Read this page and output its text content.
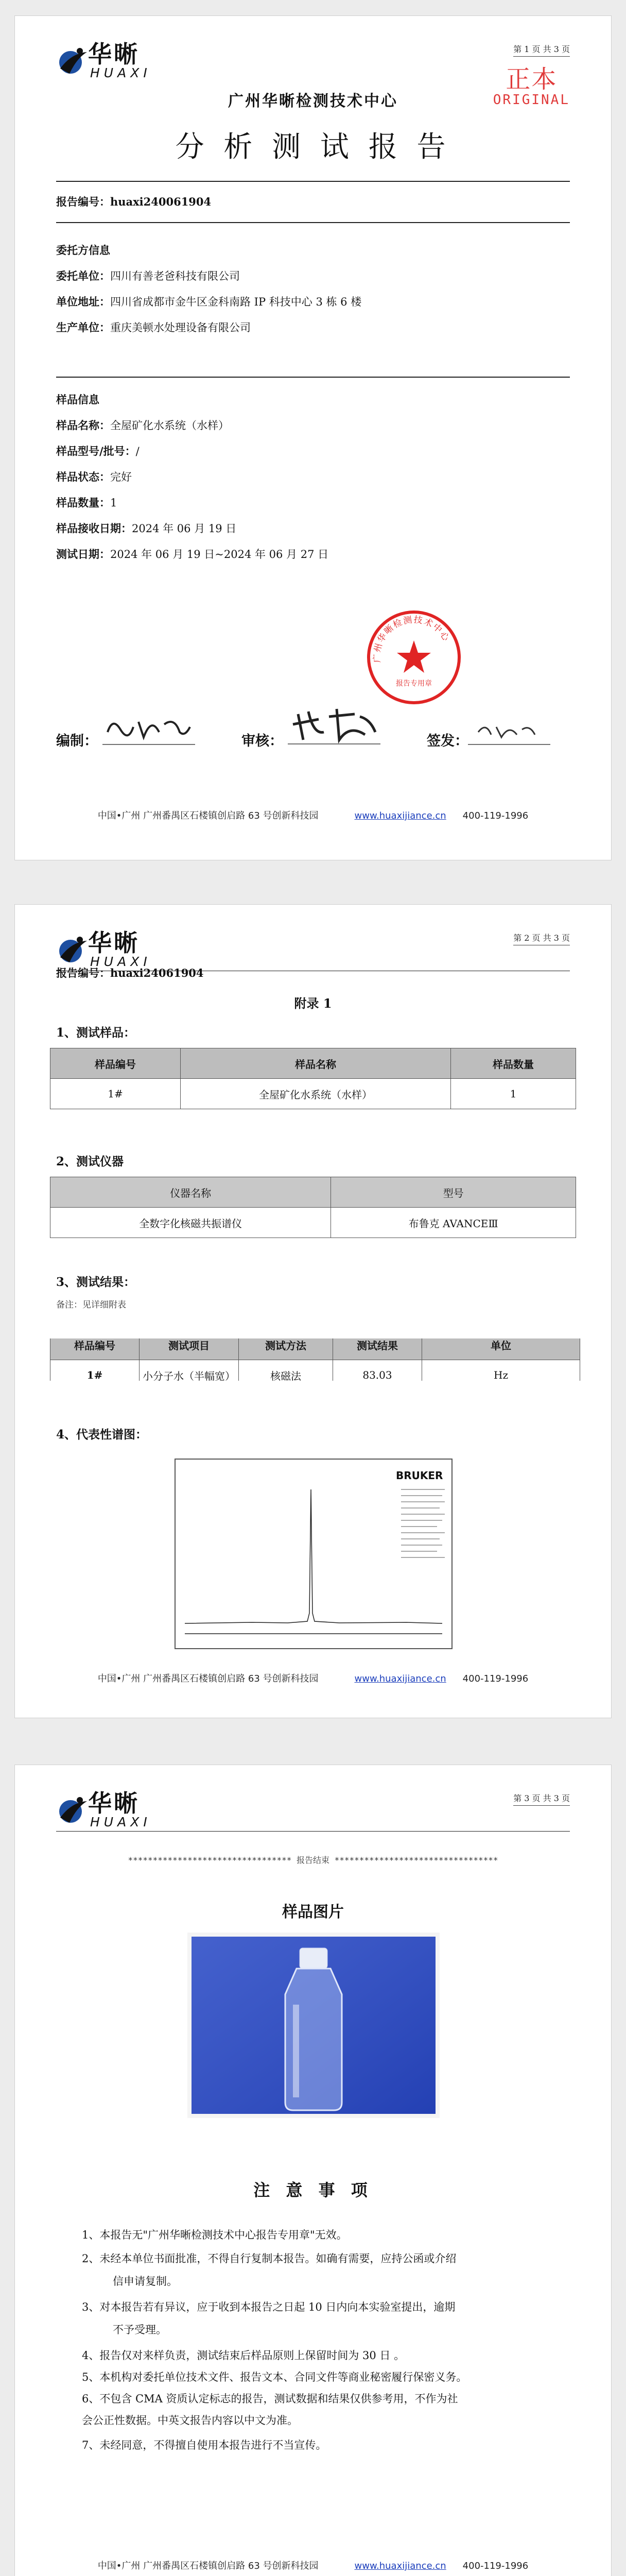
华晰
HUAXI
第 1 页 共 3 页
正本
ORIGINAL
广州华晰检测技术中心
分 析 测 试 报 告
报告编号：huaxi240061904
委托方信息
委托单位：四川有善老爸科技有限公司
单位地址：四川省成都市金牛区金科南路 IP 科技中心 3 栋 6 楼
生产单位：重庆美顿水处理设备有限公司
样品信息
样品名称：全屋矿化水系统（水样）
样品型号/批号：/
样品状态：完好
样品数量：1
样品接收日期：2024 年 06 月 19 日
测试日期：2024 年 06 月 19 日~2024 年 06 月 27 日
广州华晰检测技术中心
报告专用章
编制：	审核：	签发：
中国•广州 广州番禺区石楼镇创启路 63 号创新科技园	www.huaxijiance.cn 400-119-1996
华晰
HUAXI
第 2 页 共 3 页
报告编号：huaxi24061904
附录 1
1、测试样品：
样品编号	样品名称	样品数量
1#	全屋矿化水系统（水样）	1
2、测试仪器
仪器名称	型号
全数字化核磁共振谱仪	布鲁克 AVANCEⅢ
3、测试结果：
备注：见详细附表
样品编号	测试项目	测试方法	测试结果	单位
1#	小分子水（半幅宽）	核磁法	83.03	Hz
4、代表性谱图：
BRUKER
中国•广州 广州番禺区石楼镇创启路 63 号创新科技园	www.huaxijiance.cn 400-119-1996
华晰
HUAXI
第 3 页 共 3 页
********************************* 报告结束 *********************************
样品图片
注 意 事 项
1、本报告无"广州华晰检测技术中心报告专用章"无效。
2、未经本单位书面批准，不得自行复制本报告。如确有需要，应持公函或介绍
信申请复制。
3、对本报告若有异议，应于收到本报告之日起 10 日内向本实验室提出，逾期
不予受理。
4、报告仅对来样负责，测试结束后样品原则上保留时间为 30 日 。
5、本机构对委托单位技术文件、报告文本、合同文件等商业秘密履行保密义务。
6、不包含 CMA 资质认定标志的报告，测试数据和结果仅供参考用，不作为社
会公正性数据。中英文报告内容以中文为准。
7、未经同意，不得擅自使用本报告进行不当宣传。
中国•广州 广州番禺区石楼镇创启路 63 号创新科技园	www.huaxijiance.cn 400-119-1996
